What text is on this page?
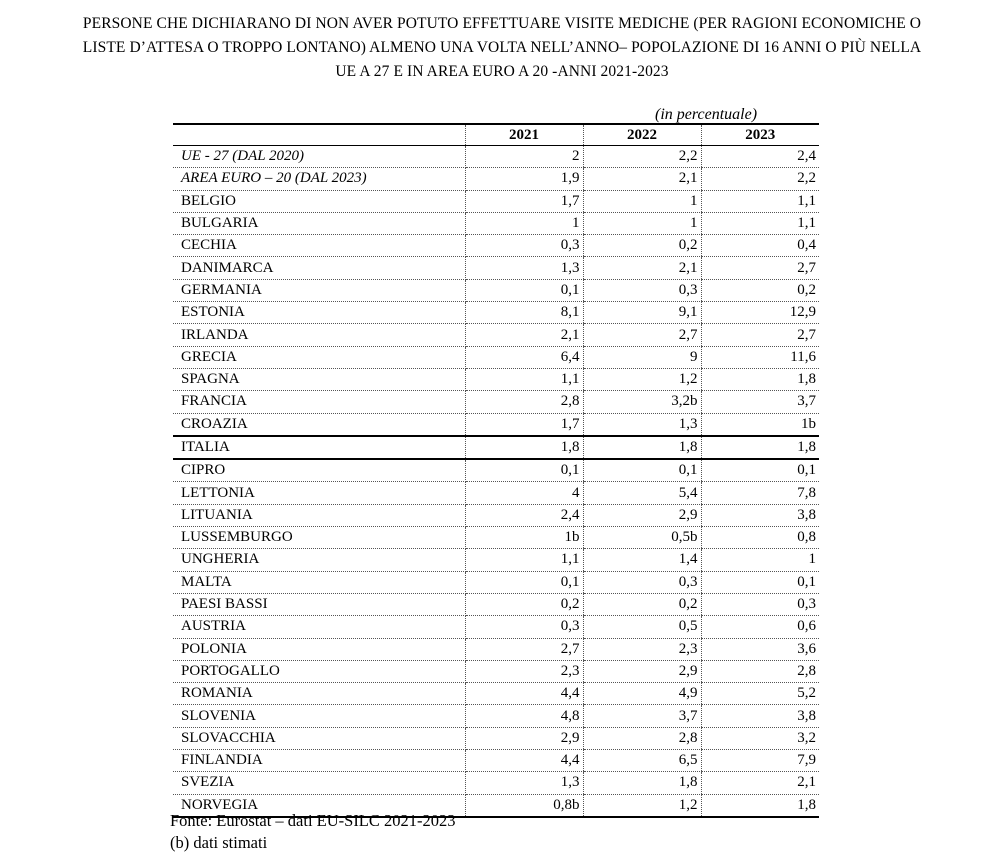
PERSONE CHE DICHIARANO DI NON AVER POTUTO EFFETTUARE VISITE MEDICHE (PER RAGIONI ECONOMICHE O
LISTE D’ATTESA O TROPPO LONTANO) ALMENO UNA VOLTA NELL’ANNO– POPOLAZIONE DI 16 ANNI O PIÙ NELLA
UE A 27 E IN AREA EURO A 20 -ANNI 2021-2023
(in percentuale)
	2021	2022	2023
UE - 27 (DAL 2020)	2	2,2	2,4
AREA EURO – 20 (DAL 2023)	1,9	2,1	2,2
BELGIO	1,7	1	1,1
BULGARIA	1	1	1,1
CECHIA	0,3	0,2	0,4
DANIMARCA	1,3	2,1	2,7
GERMANIA	0,1	0,3	0,2
ESTONIA	8,1	9,1	12,9
IRLANDA	2,1	2,7	2,7
GRECIA	6,4	9	11,6
SPAGNA	1,1	1,2	1,8
FRANCIA	2,8	3,2b	3,7
CROAZIA	1,7	1,3	1b
ITALIA	1,8	1,8	1,8
CIPRO	0,1	0,1	0,1
LETTONIA	4	5,4	7,8
LITUANIA	2,4	2,9	3,8
LUSSEMBURGO	1b	0,5b	0,8
UNGHERIA	1,1	1,4	1
MALTA	0,1	0,3	0,1
PAESI BASSI	0,2	0,2	0,3
AUSTRIA	0,3	0,5	0,6
POLONIA	2,7	2,3	3,6
PORTOGALLO	2,3	2,9	2,8
ROMANIA	4,4	4,9	5,2
SLOVENIA	4,8	3,7	3,8
SLOVACCHIA	2,9	2,8	3,2
FINLANDIA	4,4	6,5	7,9
SVEZIA	1,3	1,8	2,1
NORVEGIA	0,8b	1,2	1,8
Fonte: Eurostat – dati EU-SILC 2021-2023
(b) dati stimati
